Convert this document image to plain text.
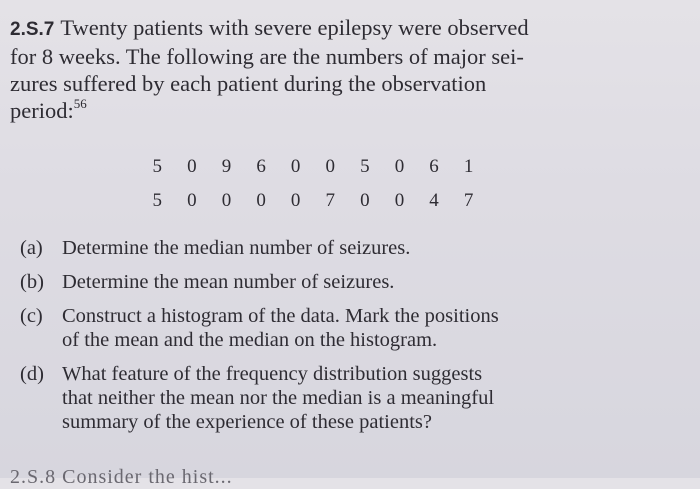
2.S.7 Twenty patients with severe epilepsy were observed
for 8 weeks. The following are the numbers of major sei-
zures suffered by each patient during the observation
period:$^{56}$
5	0	9	6	0	0	5	0	6	1
5	0	0	0	0	7	0	0	4	7
(a) Determine the median number of seizures.
(b) Determine the mean number of seizures.
(c) Construct a histogram of the data. Mark the positions
of the mean and the median on the histogram.
(d) What feature of the frequency distribution suggests
that neither the mean nor the median is a meaningful
summary of the experience of these patients?
2.S.8 Consider the hist...
